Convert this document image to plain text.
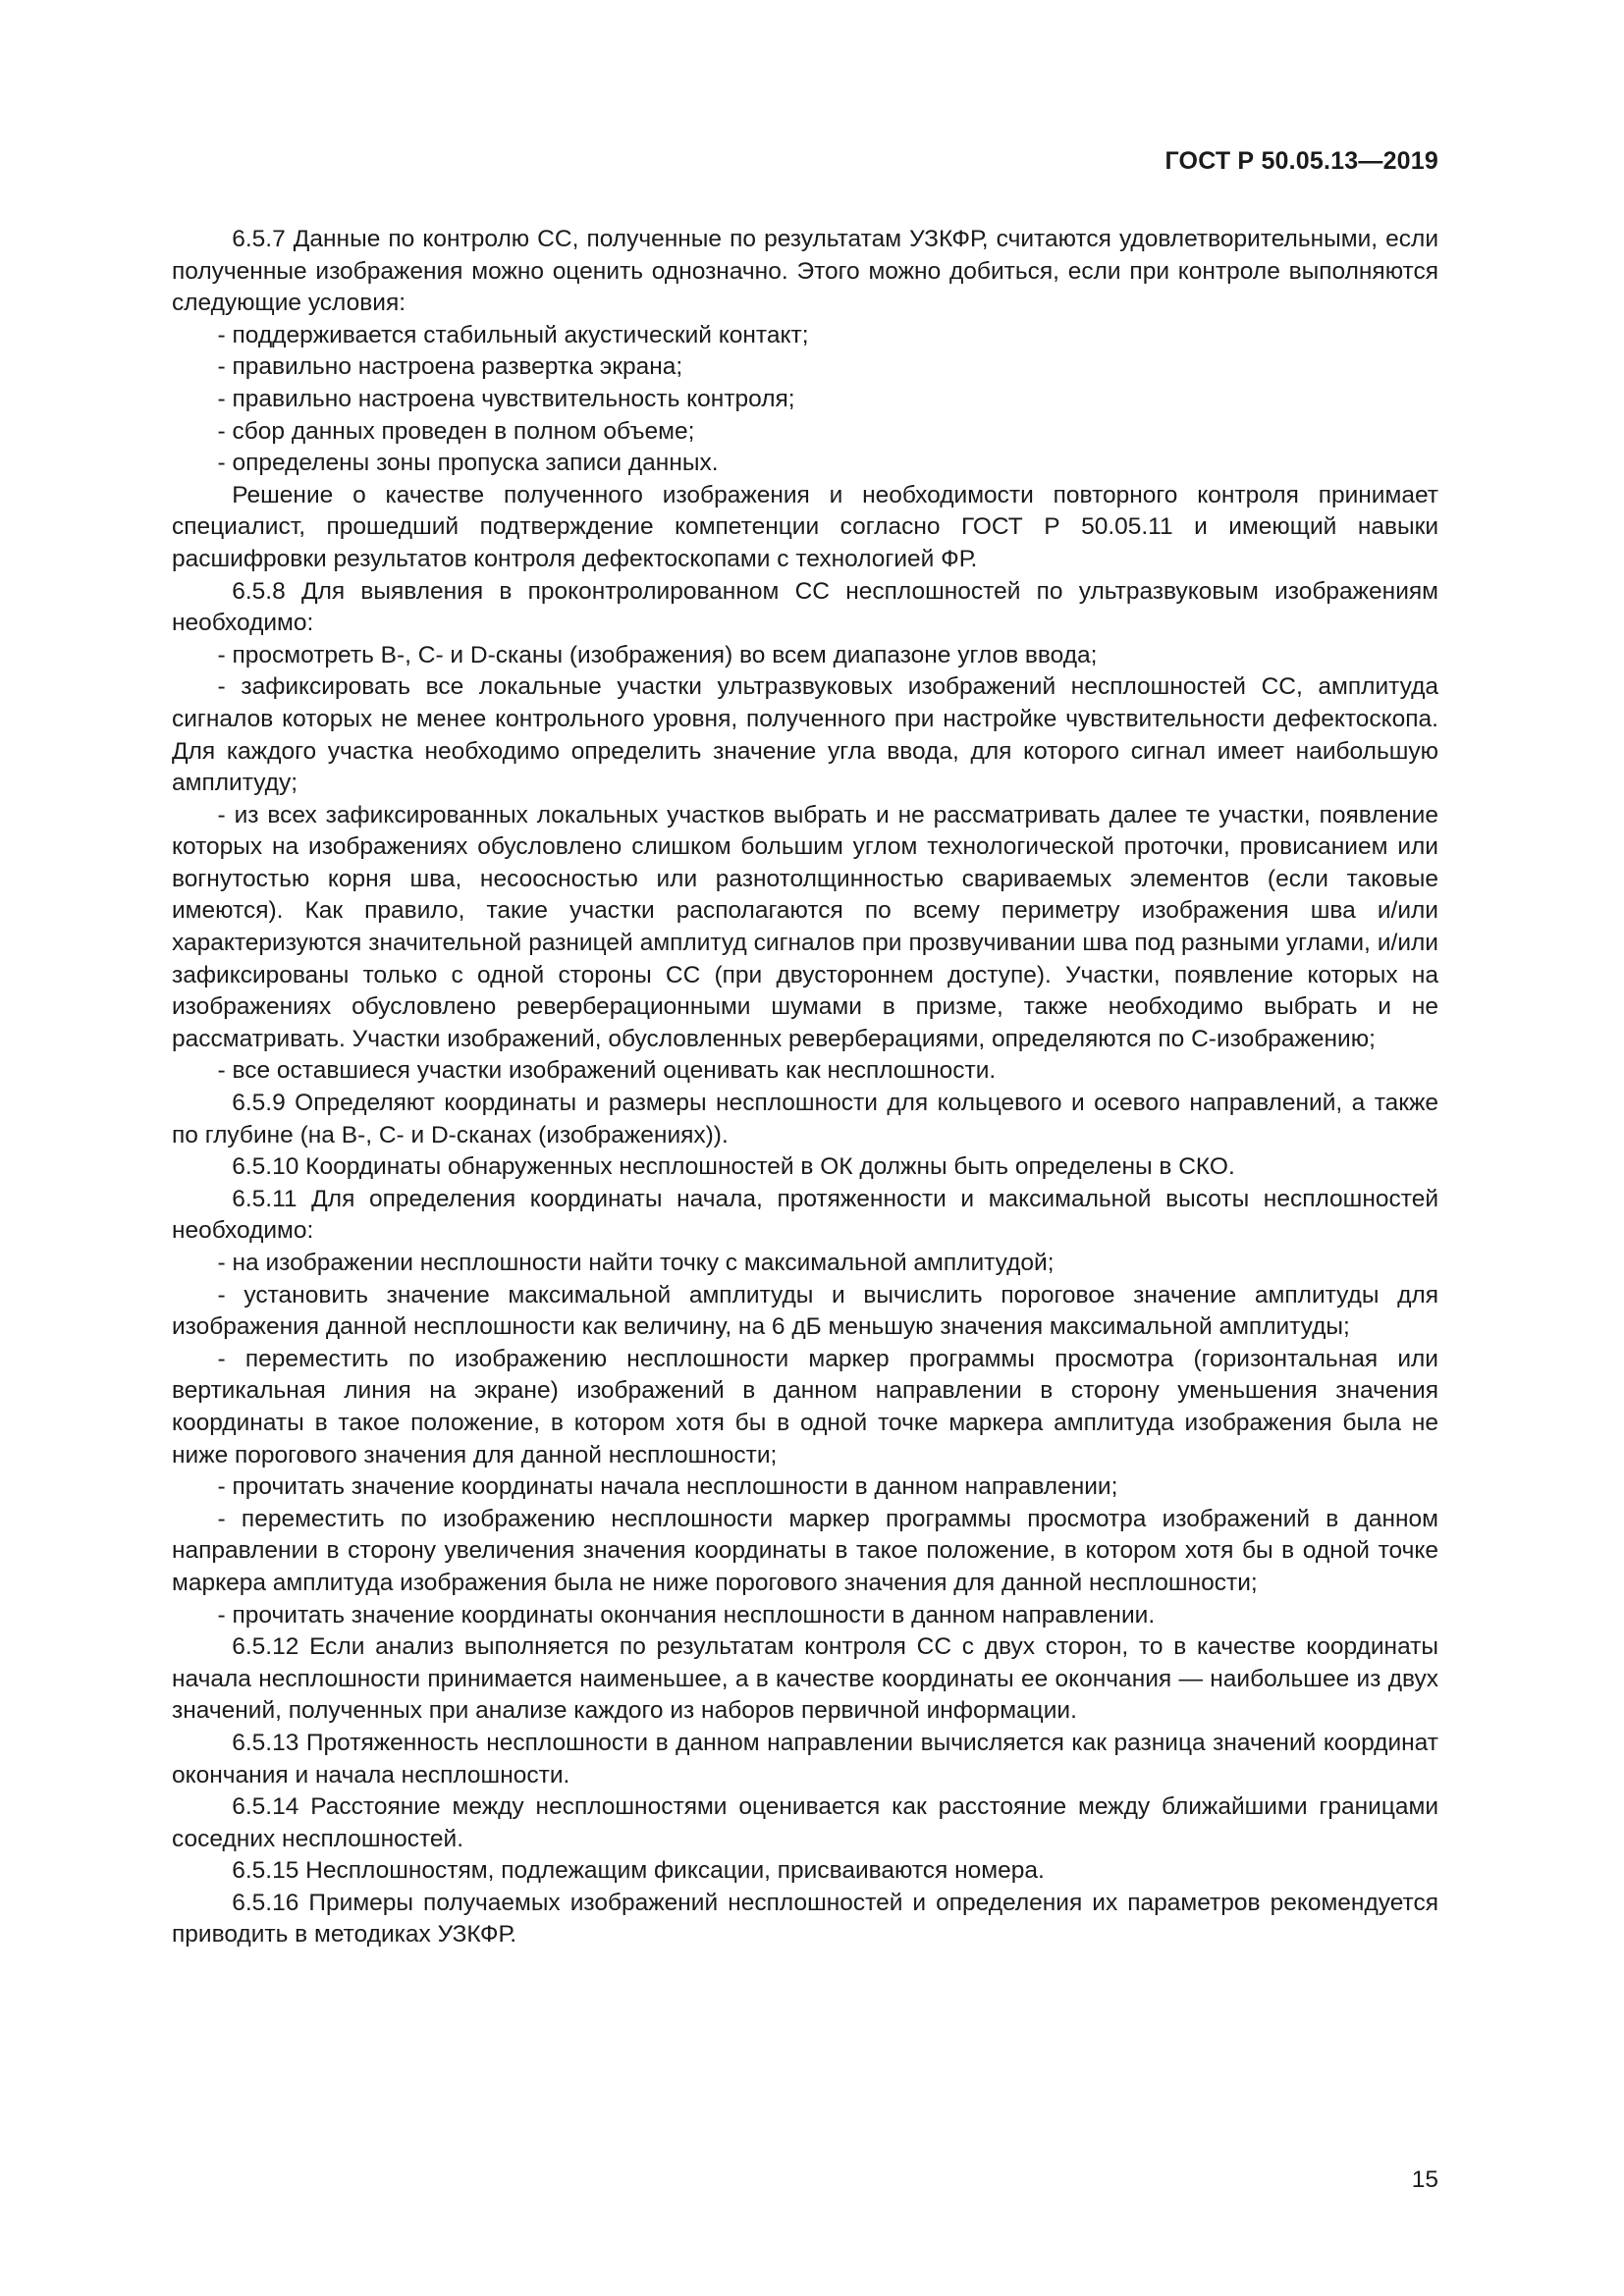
ГОСТ Р 50.05.13—2019

6.5.7 Данные по контролю СС, полученные по результатам УЗКФР, считаются удовлетворительными, если полученные изображения можно оценить однозначно. Этого можно добиться, если при контроле выполняются следующие условия:

- поддерживается стабильный акустический контакт;

- правильно настроена развертка экрана;

- правильно настроена чувствительность контроля;

- сбор данных проведен в полном объеме;

- определены зоны пропуска записи данных.

Решение о качестве полученного изображения и необходимости повторного контроля принимает специалист, прошедший подтверждение компетенции согласно ГОСТ Р 50.05.11 и имеющий навыки расшифровки результатов контроля дефектоскопами с технологией ФР.

6.5.8 Для выявления в проконтролированном СС несплошностей по ультразвуковым изображениям необходимо:

- просмотреть В-, С- и D-сканы (изображения) во всем диапазоне углов ввода;

- зафиксировать все локальные участки ультразвуковых изображений несплошностей СС, амплитуда сигналов которых не менее контрольного уровня, полученного при настройке чувствительности дефектоскопа. Для каждого участка необходимо определить значение угла ввода, для которого сигнал имеет наибольшую амплитуду;

- из всех зафиксированных локальных участков выбрать и не рассматривать далее те участки, появление которых на изображениях обусловлено слишком большим углом технологической проточки, провисанием или вогнутостью корня шва, несоосностью или разнотолщинностью свариваемых элементов (если таковые имеются). Как правило, такие участки располагаются по всему периметру изображения шва и/или характеризуются значительной разницей амплитуд сигналов при прозвучивании шва под разными углами, и/или зафиксированы только с одной стороны СС (при двустороннем доступе). Участки, появление которых на изображениях обусловлено реверберационными шумами в призме, также необходимо выбрать и не рассматривать. Участки изображений, обусловленных реверберациями, определяются по С-изображению;

- все оставшиеся участки изображений оценивать как несплошности.

6.5.9 Определяют координаты и размеры несплошности для кольцевого и осевого направлений, а также по глубине (на В-, С- и D-сканах (изображениях)).

6.5.10 Координаты обнаруженных несплошностей в ОК должны быть определены в СКО.

6.5.11 Для определения координаты начала, протяженности и максимальной высоты несплошностей необходимо:

- на изображении несплошности найти точку с максимальной амплитудой;

- установить значение максимальной амплитуды и вычислить пороговое значение амплитуды для изображения данной несплошности как величину, на 6 дБ меньшую значения максимальной амплитуды;

- переместить по изображению несплошности маркер программы просмотра (горизонтальная или вертикальная линия на экране) изображений в данном направлении в сторону уменьшения значения координаты в такое положение, в котором хотя бы в одной точке маркера амплитуда изображения была не ниже порогового значения для данной несплошности;

- прочитать значение координаты начала несплошности в данном направлении;

- переместить по изображению несплошности маркер программы просмотра изображений в данном направлении в сторону увеличения значения координаты в такое положение, в котором хотя бы в одной точке маркера амплитуда изображения была не ниже порогового значения для данной несплошности;

- прочитать значение координаты окончания несплошности в данном направлении.

6.5.12 Если анализ выполняется по результатам контроля СС с двух сторон, то в качестве координаты начала несплошности принимается наименьшее, а в качестве координаты ее окончания — наибольшее из двух значений, полученных при анализе каждого из наборов первичной информации.

6.5.13 Протяженность несплошности в данном направлении вычисляется как разница значений координат окончания и начала несплошности.

6.5.14 Расстояние между несплошностями оценивается как расстояние между ближайшими границами соседних несплошностей.

6.5.15 Несплошностям, подлежащим фиксации, присваиваются номера.

6.5.16 Примеры получаемых изображений несплошностей и определения их параметров рекомендуется приводить в методиках УЗКФР.

15
